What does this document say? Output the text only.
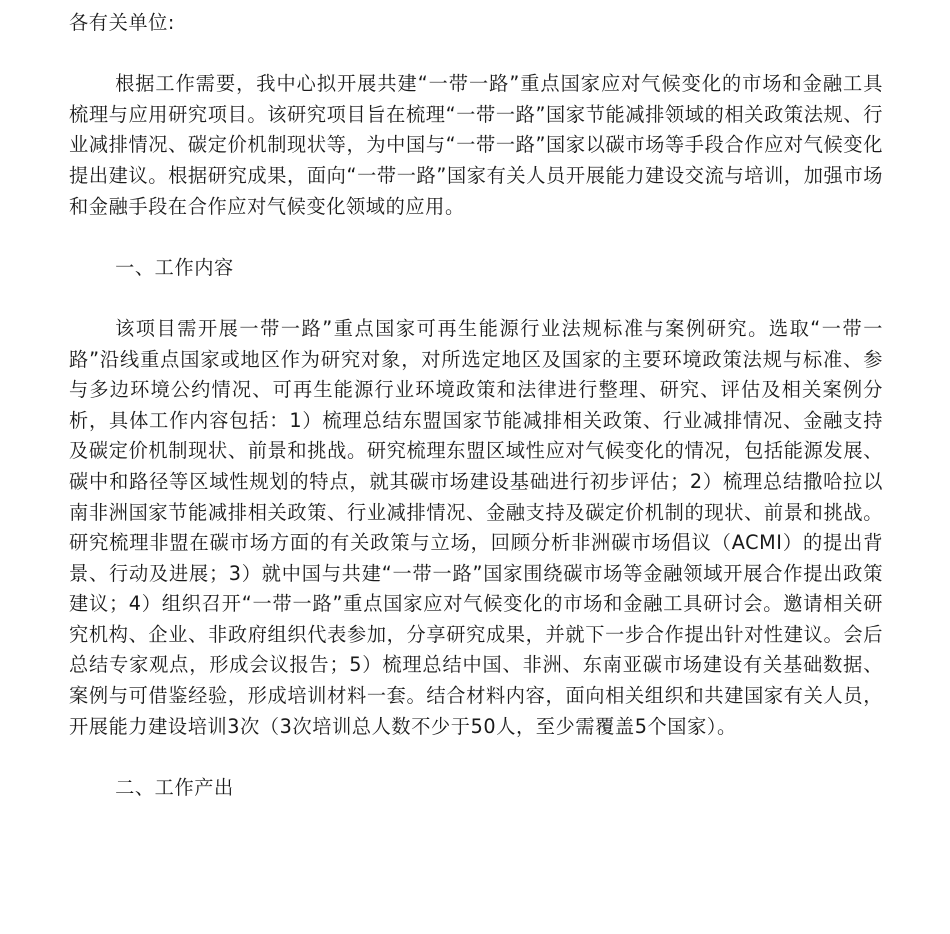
各有关单位:

根据工作需要，我中心拟开展共建“一带一路”重点国家应对气候变化的市场和金融工具梳理与应用研究项目。该研究项目旨在梳理“一带一路”国家节能减排领域的相关政策法规、行业减排情况、碳定价机制现状等，为中国与“一带一路”国家以碳市场等手段合作应对气候变化提出建议。根据研究成果，面向“一带一路”国家有关人员开展能力建设交流与培训，加强市场和金融手段在合作应对气候变化领域的应用。

一、工作内容

该项目需开展一带一路”重点国家可再生能源行业法规标准与案例研究。选取“一带一路”沿线重点国家或地区作为研究对象，对所选定地区及国家的主要环境政策法规与标准、参与多边环境公约情况、可再生能源行业环境政策和法律进行整理、研究、评估及相关案例分析，具体工作内容包括：1）梳理总结东盟国家节能减排相关政策、行业减排情况、金融支持及碳定价机制现状、前景和挑战。研究梳理东盟区域性应对气候变化的情况，包括能源发展、碳中和路径等区域性规划的特点，就其碳市场建设基础进行初步评估；2）梳理总结撒哈拉以南非洲国家节能减排相关政策、行业减排情况、金融支持及碳定价机制的现状、前景和挑战。研究梳理非盟在碳市场方面的有关政策与立场，回顾分析非洲碳市场倡议（ACMI）的提出背景、行动及进展；3）就中国与共建“一带一路”国家围绕碳市场等金融领域开展合作提出政策建议；4）组织召开“一带一路”重点国家应对气候变化的市场和金融工具研讨会。邀请相关研究机构、企业、非政府组织代表参加，分享研究成果，并就下一步合作提出针对性建议。会后总结专家观点，形成会议报告；5）梳理总结中国、非洲、东南亚碳市场建设有关基础数据、案例与可借鉴经验，形成培训材料一套。结合材料内容，面向相关组织和共建国家有关人员，开展能力建设培训3次（3次培训总人数不少于50人，至少需覆盖5个国家）。

二、工作产出
